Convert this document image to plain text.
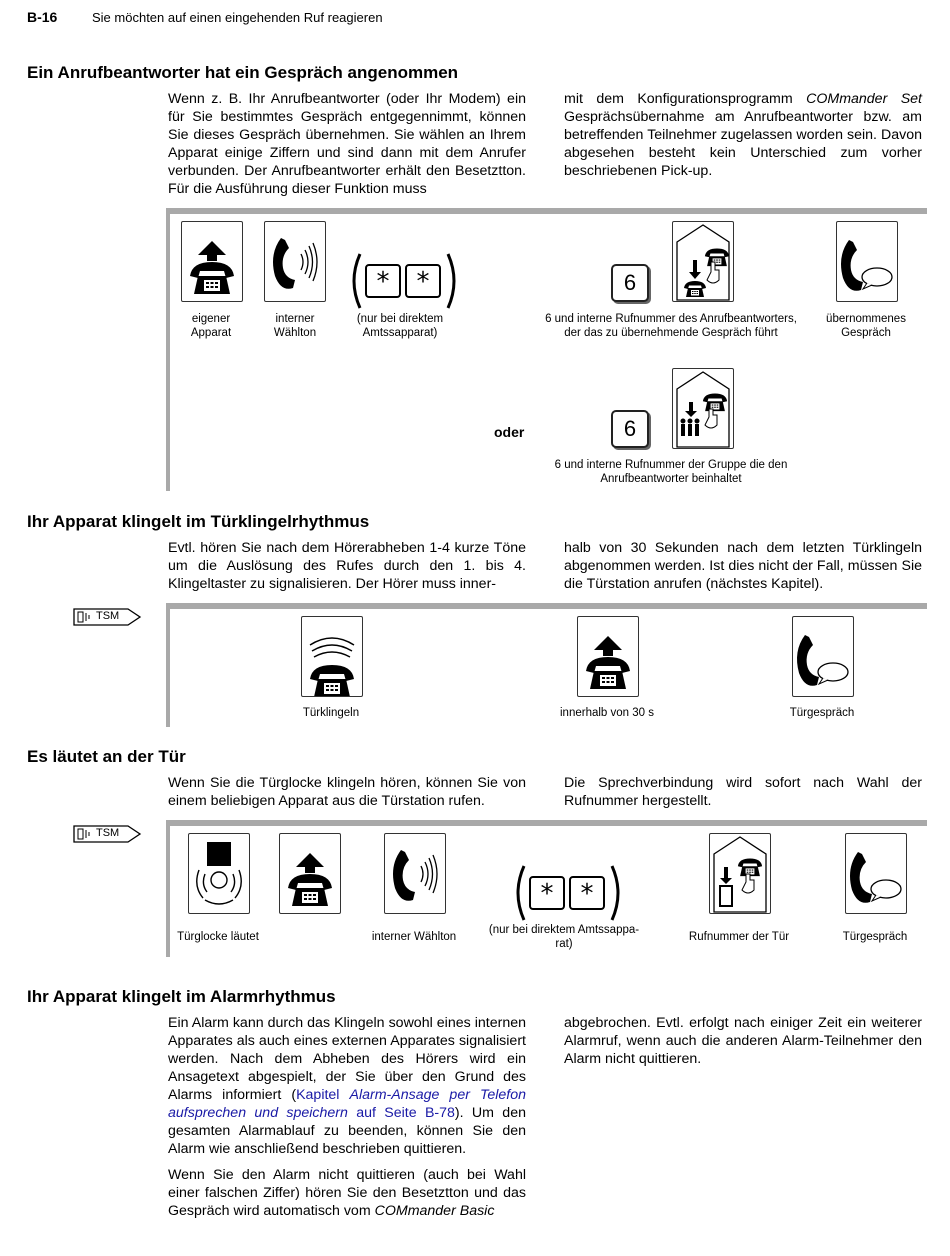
B-16	Sie möchten auf einen eingehenden Ruf reagieren
Ein Anrufbeantworter hat ein Gespräch angenommen

Wenn z. B. Ihr Anrufbeantworter (oder Ihr Modem) ein für Sie bestimmtes Gespräch entgegennimmt, können Sie dieses Gespräch übernehmen. Sie wählen an Ihrem Apparat einige Ziffern und sind dann mit dem Anrufer verbunden. Der Anrufbeantworter erhält den Besetztton. Für die Ausführung dieser Funktion muss

mit dem Konfigurationsprogramm COMmander Set Gesprächsübernahme am Anrufbeantworter bzw. am betreffenden Teilnehmer zugelassen worden sein. Davon abgesehen besteht kein Unterschied zum vorher beschriebenen Pick-up.

eigener
Apparat
interner
Wählton
* *
(nur bei direktem
Amtssapparat)
6
6 und interne Rufnummer des Anrufbeantworters,
der das zu übernehmende Gespräch führt
übernommenes
Gespräch
oder	6
6 und interne Rufnummer der Gruppe die den
Anrufbeantworter beinhaltet
Ihr Apparat klingelt im Türklingelrhythmus

Evtl. hören Sie nach dem Hörerabheben 1-4 kurze Töne um die Auslösung des Rufes durch den 1. bis 4. Klingeltaster zu signalisieren. Der Hörer muss inner-

halb von 30 Sekunden nach dem letzten Türklingeln abgenommen werden. Ist dies nicht der Fall, müssen Sie die Türstation anrufen (nächstes Kapitel).

TSM
Türklingeln	innerhalb von 30 s	Türgespräch
Es läutet an der Tür

Wenn Sie die Türglocke klingeln hören, können Sie von einem beliebigen Apparat aus die Türstation rufen.

Die Sprechverbindung wird sofort nach Wahl der Rufnummer hergestellt.

TSM
Türglocke läutet	interner Wählton
* *
(nur bei direktem Amtssappa-
rat)
Rufnummer der Tür	Türgespräch
Ihr Apparat klingelt im Alarmrhythmus

Ein Alarm kann durch das Klingeln sowohl eines internen Apparates als auch eines externen Apparates signalisiert werden. Nach dem Abheben des Hörers wird ein Ansagetext abgespielt, der Sie über den Grund des Alarms informiert (Kapitel Alarm-Ansage per Telefon aufsprechen und speichern auf Seite B-78). Um den gesamten Alarmablauf zu beenden, können Sie den Alarm wie anschließend beschrieben quittieren.

Wenn Sie den Alarm nicht quittieren (auch bei Wahl einer falschen Ziffer) hören Sie den Besetztton und das Gespräch wird automatisch vom COMmander Basic

abgebrochen. Evtl. erfolgt nach einiger Zeit ein weiterer Alarmruf, wenn auch die anderen Alarm-Teilnehmer den Alarm nicht quittieren.
